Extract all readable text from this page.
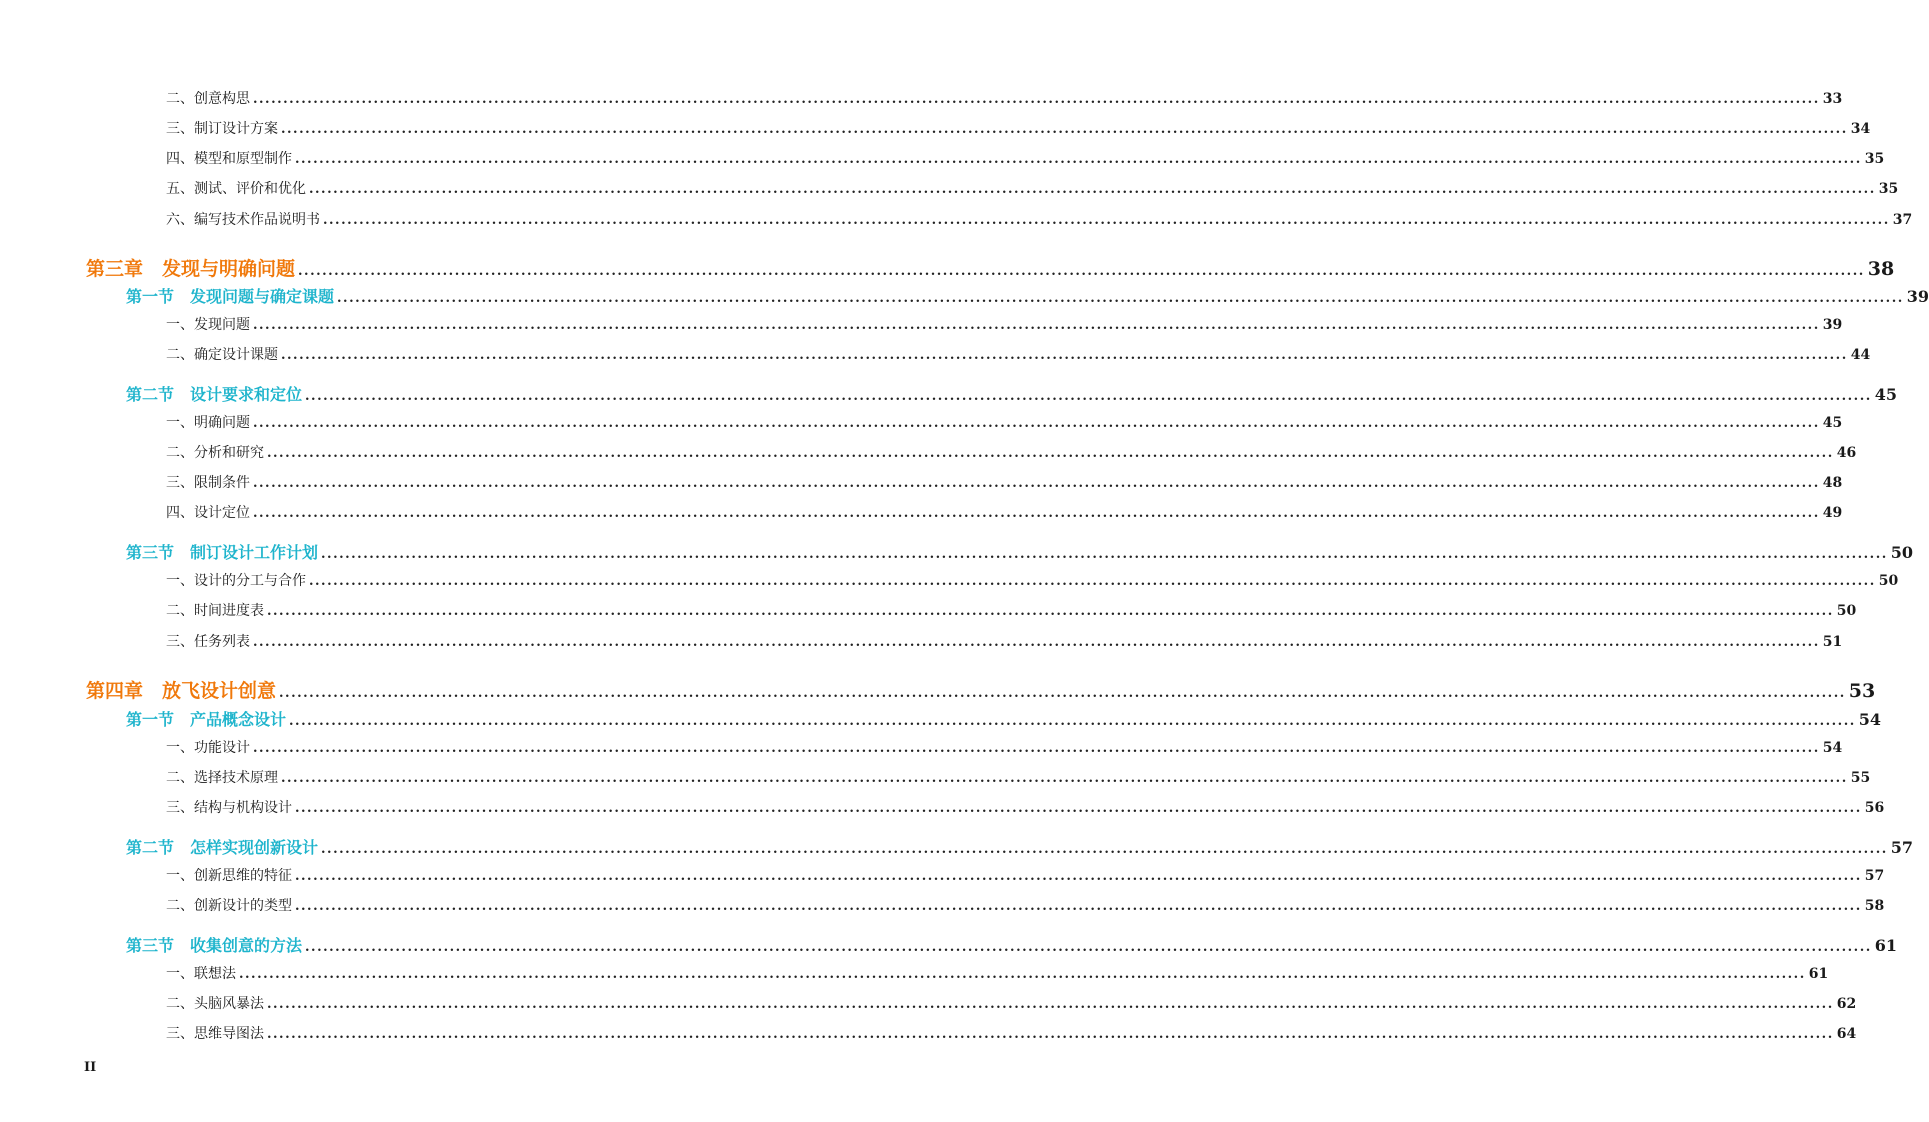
二、创意构思 .................................................................................................................................................................................................................................................................... 33
三、制订设计方案 .................................................................................................................................................................................................................................................................... 34
四、模型和原型制作 .................................................................................................................................................................................................................................................................... 35
五、测试、评价和优化 .................................................................................................................................................................................................................................................................... 35
六、编写技术作品说明书 .................................................................................................................................................................................................................................................................... 37
第三章　发现与明确问题 .................................................................................................................................................................................................................................................................... 38
第一节　发现问题与确定课题 .................................................................................................................................................................................................................................................................... 39
一、发现问题 .................................................................................................................................................................................................................................................................... 39
二、确定设计课题 .................................................................................................................................................................................................................................................................... 44
第二节　设计要求和定位 .................................................................................................................................................................................................................................................................... 45
一、明确问题 .................................................................................................................................................................................................................................................................... 45
二、分析和研究 .................................................................................................................................................................................................................................................................... 46
三、限制条件 .................................................................................................................................................................................................................................................................... 48
四、设计定位 .................................................................................................................................................................................................................................................................... 49
第三节　制订设计工作计划 .................................................................................................................................................................................................................................................................... 50
一、设计的分工与合作 .................................................................................................................................................................................................................................................................... 50
二、时间进度表 .................................................................................................................................................................................................................................................................... 50
三、任务列表 .................................................................................................................................................................................................................................................................... 51
第四章　放飞设计创意 .................................................................................................................................................................................................................................................................... 53
第一节　产品概念设计 .................................................................................................................................................................................................................................................................... 54
一、功能设计 .................................................................................................................................................................................................................................................................... 54
二、选择技术原理 .................................................................................................................................................................................................................................................................... 55
三、结构与机构设计 .................................................................................................................................................................................................................................................................... 56
第二节　怎样实现创新设计 .................................................................................................................................................................................................................................................................... 57
一、创新思维的特征 .................................................................................................................................................................................................................................................................... 57
二、创新设计的类型 .................................................................................................................................................................................................................................................................... 58
第三节　收集创意的方法 .................................................................................................................................................................................................................................................................... 61
一、联想法 .................................................................................................................................................................................................................................................................... 61
二、头脑风暴法 .................................................................................................................................................................................................................................................................... 62
三、思维导图法 .................................................................................................................................................................................................................................................................... 64
II
